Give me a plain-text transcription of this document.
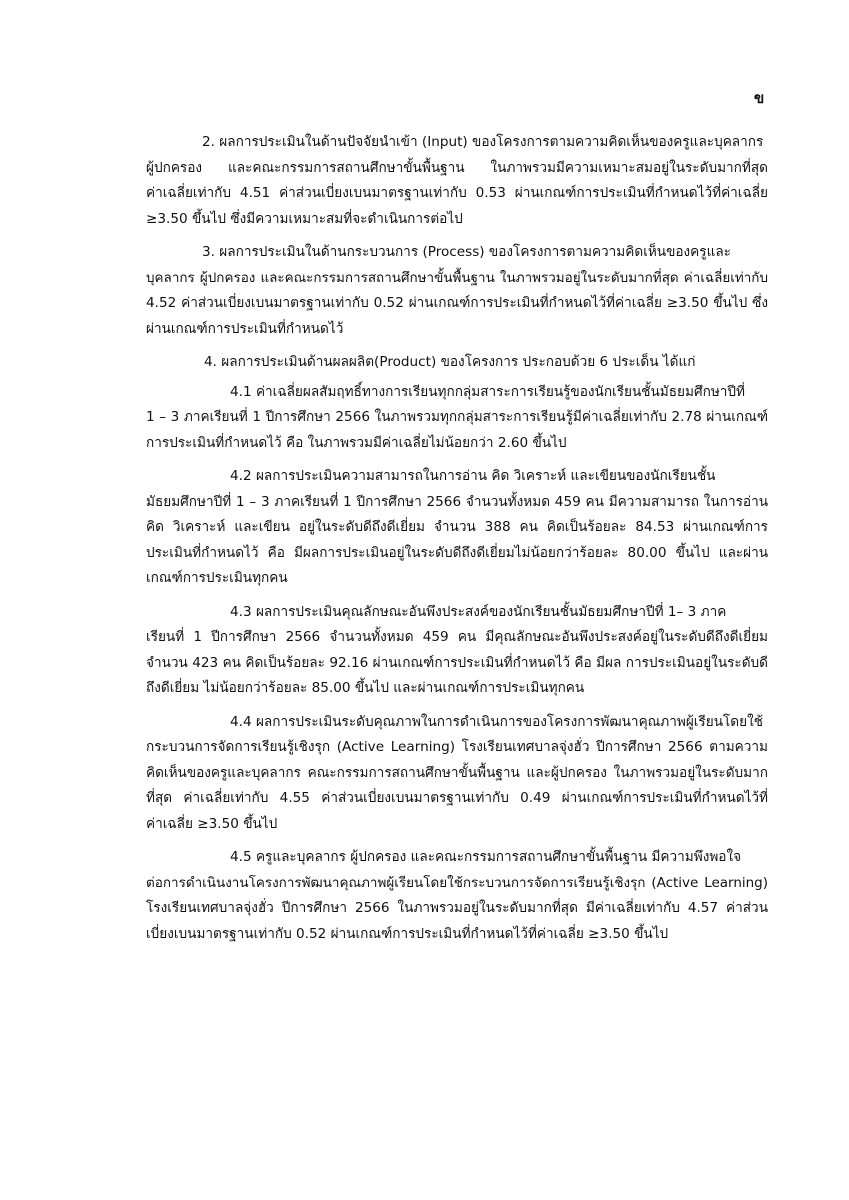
ข
2. ผลการประเมินในด้านปัจจัยนำเข้า (Input) ของโครงการตามความคิดเห็นของครูและบุคลากร
ผู้ปกครอง และคณะกรรมการสถานศึกษาขั้นพื้นฐาน ในภาพรวมมีความเหมาะสมอยู่ในระดับมากที่สุด
ค่าเฉลี่ยเท่ากับ 4.51 ค่าส่วนเบี่ยงเบนมาตรฐานเท่ากับ 0.53 ผ่านเกณฑ์การประเมินที่กำหนดไว้ที่ค่าเฉลี่ย
≥3.50 ขึ้นไป ซึ่งมีความเหมาะสมที่จะดำเนินการต่อไป
3. ผลการประเมินในด้านกระบวนการ (Process) ของโครงการตามความคิดเห็นของครูและ
บุคลากร ผู้ปกครอง และคณะกรรมการสถานศึกษาขั้นพื้นฐาน ในภาพรวมอยู่ในระดับมากที่สุด ค่าเฉลี่ยเท่ากับ
4.52 ค่าส่วนเบี่ยงเบนมาตรฐานเท่ากับ 0.52 ผ่านเกณฑ์การประเมินที่กำหนดไว้ที่ค่าเฉลี่ย ≥3.50 ขึ้นไป ซึ่ง
ผ่านเกณฑ์การประเมินที่กำหนดไว้
4. ผลการประเมินด้านผลผลิต(Product) ของโครงการ ประกอบด้วย 6 ประเด็น ได้แก่
4.1 ค่าเฉลี่ยผลสัมฤทธิ์ทางการเรียนทุกกลุ่มสาระการเรียนรู้ของนักเรียนชั้นมัธยมศึกษาปีที่
1 – 3 ภาคเรียนที่ 1 ปีการศึกษา 2566 ในภาพรวมทุกกลุ่มสาระการเรียนรู้มีค่าเฉลี่ยเท่ากับ 2.78 ผ่านเกณฑ์
การประเมินที่กำหนดไว้ คือ ในภาพรวมมีค่าเฉลี่ยไม่น้อยกว่า 2.60 ขึ้นไป
4.2 ผลการประเมินความสามารถในการอ่าน คิด วิเคราะห์ และเขียนของนักเรียนชั้น
มัธยมศึกษาปีที่ 1 – 3 ภาคเรียนที่ 1 ปีการศึกษา 2566 จำนวนทั้งหมด 459 คน มีความสามารถ ในการอ่าน
คิด วิเคราะห์ และเขียน อยู่ในระดับดีถึงดีเยี่ยม จำนวน 388 คน คิดเป็นร้อยละ 84.53 ผ่านเกณฑ์การ
ประเมินที่กำหนดไว้ คือ มีผลการประเมินอยู่ในระดับดีถึงดีเยี่ยมไม่น้อยกว่าร้อยละ 80.00 ขึ้นไป และผ่าน
เกณฑ์การประเมินทุกคน
4.3 ผลการประเมินคุณลักษณะอันพึงประสงค์ของนักเรียนชั้นมัธยมศึกษาปีที่ 1– 3 ภาค
เรียนที่ 1 ปีการศึกษา 2566 จำนวนทั้งหมด 459 คน มีคุณลักษณะอันพึงประสงค์อยู่ในระดับดีถึงดีเยี่ยม
จำนวน 423 คน คิดเป็นร้อยละ 92.16 ผ่านเกณฑ์การประเมินที่กำหนดไว้ คือ มีผล การประเมินอยู่ในระดับดี
ถึงดีเยี่ยม ไม่น้อยกว่าร้อยละ 85.00 ขึ้นไป และผ่านเกณฑ์การประเมินทุกคน
4.4 ผลการประเมินระดับคุณภาพในการดำเนินการของโครงการพัฒนาคุณภาพผู้เรียนโดยใช้
กระบวนการจัดการเรียนรู้เชิงรุก (Active Learning) โรงเรียนเทศบาลจุ่งฮั่ว ปีการศึกษา 2566 ตามความ
คิดเห็นของครูและบุคลากร คณะกรรมการสถานศึกษาขั้นพื้นฐาน และผู้ปกครอง ในภาพรวมอยู่ในระดับมาก
ที่สุด ค่าเฉลี่ยเท่ากับ 4.55 ค่าส่วนเบี่ยงเบนมาตรฐานเท่ากับ 0.49 ผ่านเกณฑ์การประเมินที่กำหนดไว้ที่
ค่าเฉลี่ย ≥3.50 ขึ้นไป
4.5 ครูและบุคลากร ผู้ปกครอง และคณะกรรมการสถานศึกษาขั้นพื้นฐาน มีความพึงพอใจ
ต่อการดำเนินงานโครงการพัฒนาคุณภาพผู้เรียนโดยใช้กระบวนการจัดการเรียนรู้เชิงรุก (Active Learning)
โรงเรียนเทศบาลจุ่งฮั่ว ปีการศึกษา 2566 ในภาพรวมอยู่ในระดับมากที่สุด มีค่าเฉลี่ยเท่ากับ 4.57 ค่าส่วน
เบี่ยงเบนมาตรฐานเท่ากับ 0.52 ผ่านเกณฑ์การประเมินที่กำหนดไว้ที่ค่าเฉลี่ย ≥3.50 ขึ้นไป
